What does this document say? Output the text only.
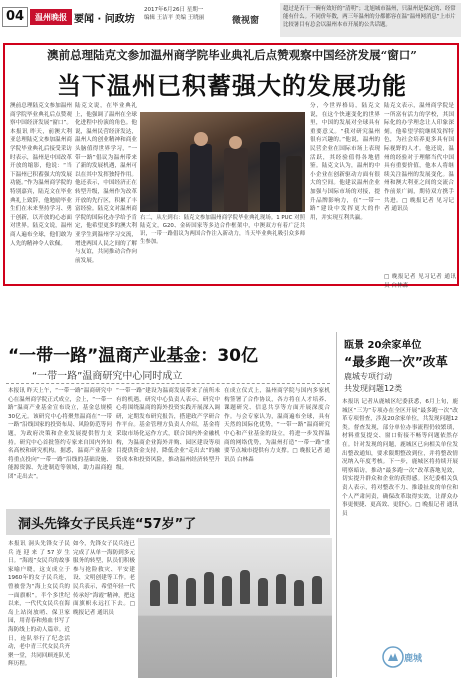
04	温州晚报 要闻 · 问政坊
2017年6月26日 星期一
编辑 王洁平 美编 王晓丽	微视窗
超过是否干一碗有效好的“清明”；北旭城市温州，只温州是保定的、经常能有什么。不同价年数，两三年温州的分都都容在温“温州网消息”上市片比较暑目有总会以温州本市开展的公共话题。
澳前总理陆克文参加温州商学院毕业典礼后点赞观察中国经济发展“窗口”
当下温州已积蓄强大的发展功能
澳前总理陆克文参加温州商学院毕业典礼后点赞观察中国经济发展“窗口”。本报讯 昨天，前澳大利亚总理陆克文参加温州商学院毕业典礼后接受采访时表示，温州是中国改革开放的缩影，他说：“当下温州已积蓄强大的发展功能。”作为温州商学院的特别嘉宾，陆克文在毕业典礼上致辞，他勉励毕业生们在未来坚持学习、勇于创新，以开放的心态面对世界。陆克文说，温州商人遍布全球，他们敢为人先的精神令人钦佩。
陆克文说，在毕业典礼上，他强调了温州在全球化进程中扮演的角色。他说，温州民营经济发达，温州人的创业精神和商业头脑值得世界学习，“一带一路”倡议为温州带来了新的发展机遇，温州可以在其中发挥独特作用。他还表示，中国经济正在转型升级，温州作为改革开放的先行区，积累了丰富经验。陆克文对温州商学院的国际化办学给予肯定，他希望更多的澳大利亚学生到温州学习交流，增进两国人民之间的了解与友谊，共同推动合作向前发展。
右二，从左到右：陆克文参加温州商学院毕业典礼现场。1 PUC 对照陆克文，G20、金砖国家等多边合作框架中，中澳双方有着广泛共识，一带一路倡议为两国合作注入新动力，当天毕业典礼吸引众多师生参加。
分，今世界格局，陆克文说，在这个快速变化的世界里，中国的发展对全球具有重要意义。“我对研究温州很有兴趣的。”他说，温州的民营企业在国际市场上表现活跃，其经验值得各地借鉴。陆克文认为，温州的中小企业在创新驱动方面有很大的空间。他建议温州企业加强与国际市场的对接，提升品牌影响力，在“一带一路”建设中发挥更大的作用，并实现互利共赢。
陆克文表示，温州商学院是一所富有活力的学校，其国际化的办学理念让人印象深刻。他希望学院继续发挥特色，为社会培养更多具有国际视野的人才。他还说，温州的经验对于理解当代中国具有重要价值，他本人将继续关注温州的发展变化。温州和澳大利亚之间的交流合作前景广阔，期待双方携手共进。□ 晚报记者 见习记者 通讯员
□ 晚报记者 见习记者 通讯员 白林森
“一带一路”温商产业基金：30亿
“一带一路”温商研究中心同时成立
本报讯 昨天上午，“一带一路”温商研究中心在温州商学院正式成立，会上，“一带一路”温商产业基金宣布设立，基金总规模30亿元。该研究中心将聚焦温商在“一带一路”沿线国家的投资布局、风险防范等问题，为政府决策和企业发展提供智力支持。研究中心首批签约专家来自国内外知名高校和研究机构。据悉，温商产业基金将重点投向“一带一路”沿线的基础设施、能源资源、先进制造等领域，助力温商抱团“走出去”。
“一带一路”建设为温商发展带来了前所未有的机遇，研究中心负责人表示，研究中心将围绕温商的海外投资实践开展深入调研，定期发布研究报告，搭建政产学研合作平台。基金管理方负责人介绍，基金将采取市场化运作方式，联合国内外金融机构，为温商企业海外并购、园区建设等项目提供资金支持，降低企业“走出去”的融资成本和投资风险，推动温州经济转型升级。
在成立仪式上，温州商学院与国内多家机构签署了合作协议，各方将在人才培养、课题研究、信息共享等方面开展深度合作。与会专家认为，温商遍布全球，具有天然的国际化优势，“一带一路”温商研究中心和产业基金的设立，将进一步发挥温商的网络优势，为温州打造“一带一路”重要节点城市提供有力支撑。□ 晚报记者 通讯员 白林森
瓯景 20余家单位
“最多跑一次”改革
鹿城专项行动
共发现问题12类
本报讯 记者从鹿城区纪委获悉，6月上旬，鹿城区“三为”专项办在全区开展“最多跑一次”改革专项督查，涉及20余家单位，共发现问题12类。督查发现，部分单位办事流程仍较繁琐，材料重复提交、窗口衔接不畅等问题依然存在。针对发现的问题，鹿城区已向相关单位发出整改通知，要求限期整改到位，并将整改情况纳入年度考核。下一步，鹿城区将持续开展明察暗访，推动“最多跑一次”改革落地见效，切实提升群众和企业的获得感。区纪委相关负责人表示，将对整改不力、推诿扯皮的单位和个人严肃问责，确保改革取得实效，让群众办事更便捷、更高效、更舒心。□ 晚报记者 通讯员
鹿城
洞头先锋女子民兵连“57岁”了
本报讯 洞头先锋女子民兵连迎来了57岁生日。“海霞”女民兵的故事家喻户晓，这支成立于1960年的女子民兵连，曾被誉为“海上女民兵的一面旗帜”。半个多世纪以来，一代代女民兵在海岛上站岗放哨、保卫家园，用青春和热血书写了海防线上的动人篇章。近日，连队举行了纪念活动，老中青三代女民兵齐聚一堂，共同回顾连队光辉历程。
如今，先锋女子民兵连已完成了从单一海防到多元服务的转型，队员们积极参与抢险救灾、平安建设、文明创建等工作。老民兵表示，希望年轻一代传承好“海霞”精神，把这面旗帜永远扛下去。□ 晚报记者 通讯员
